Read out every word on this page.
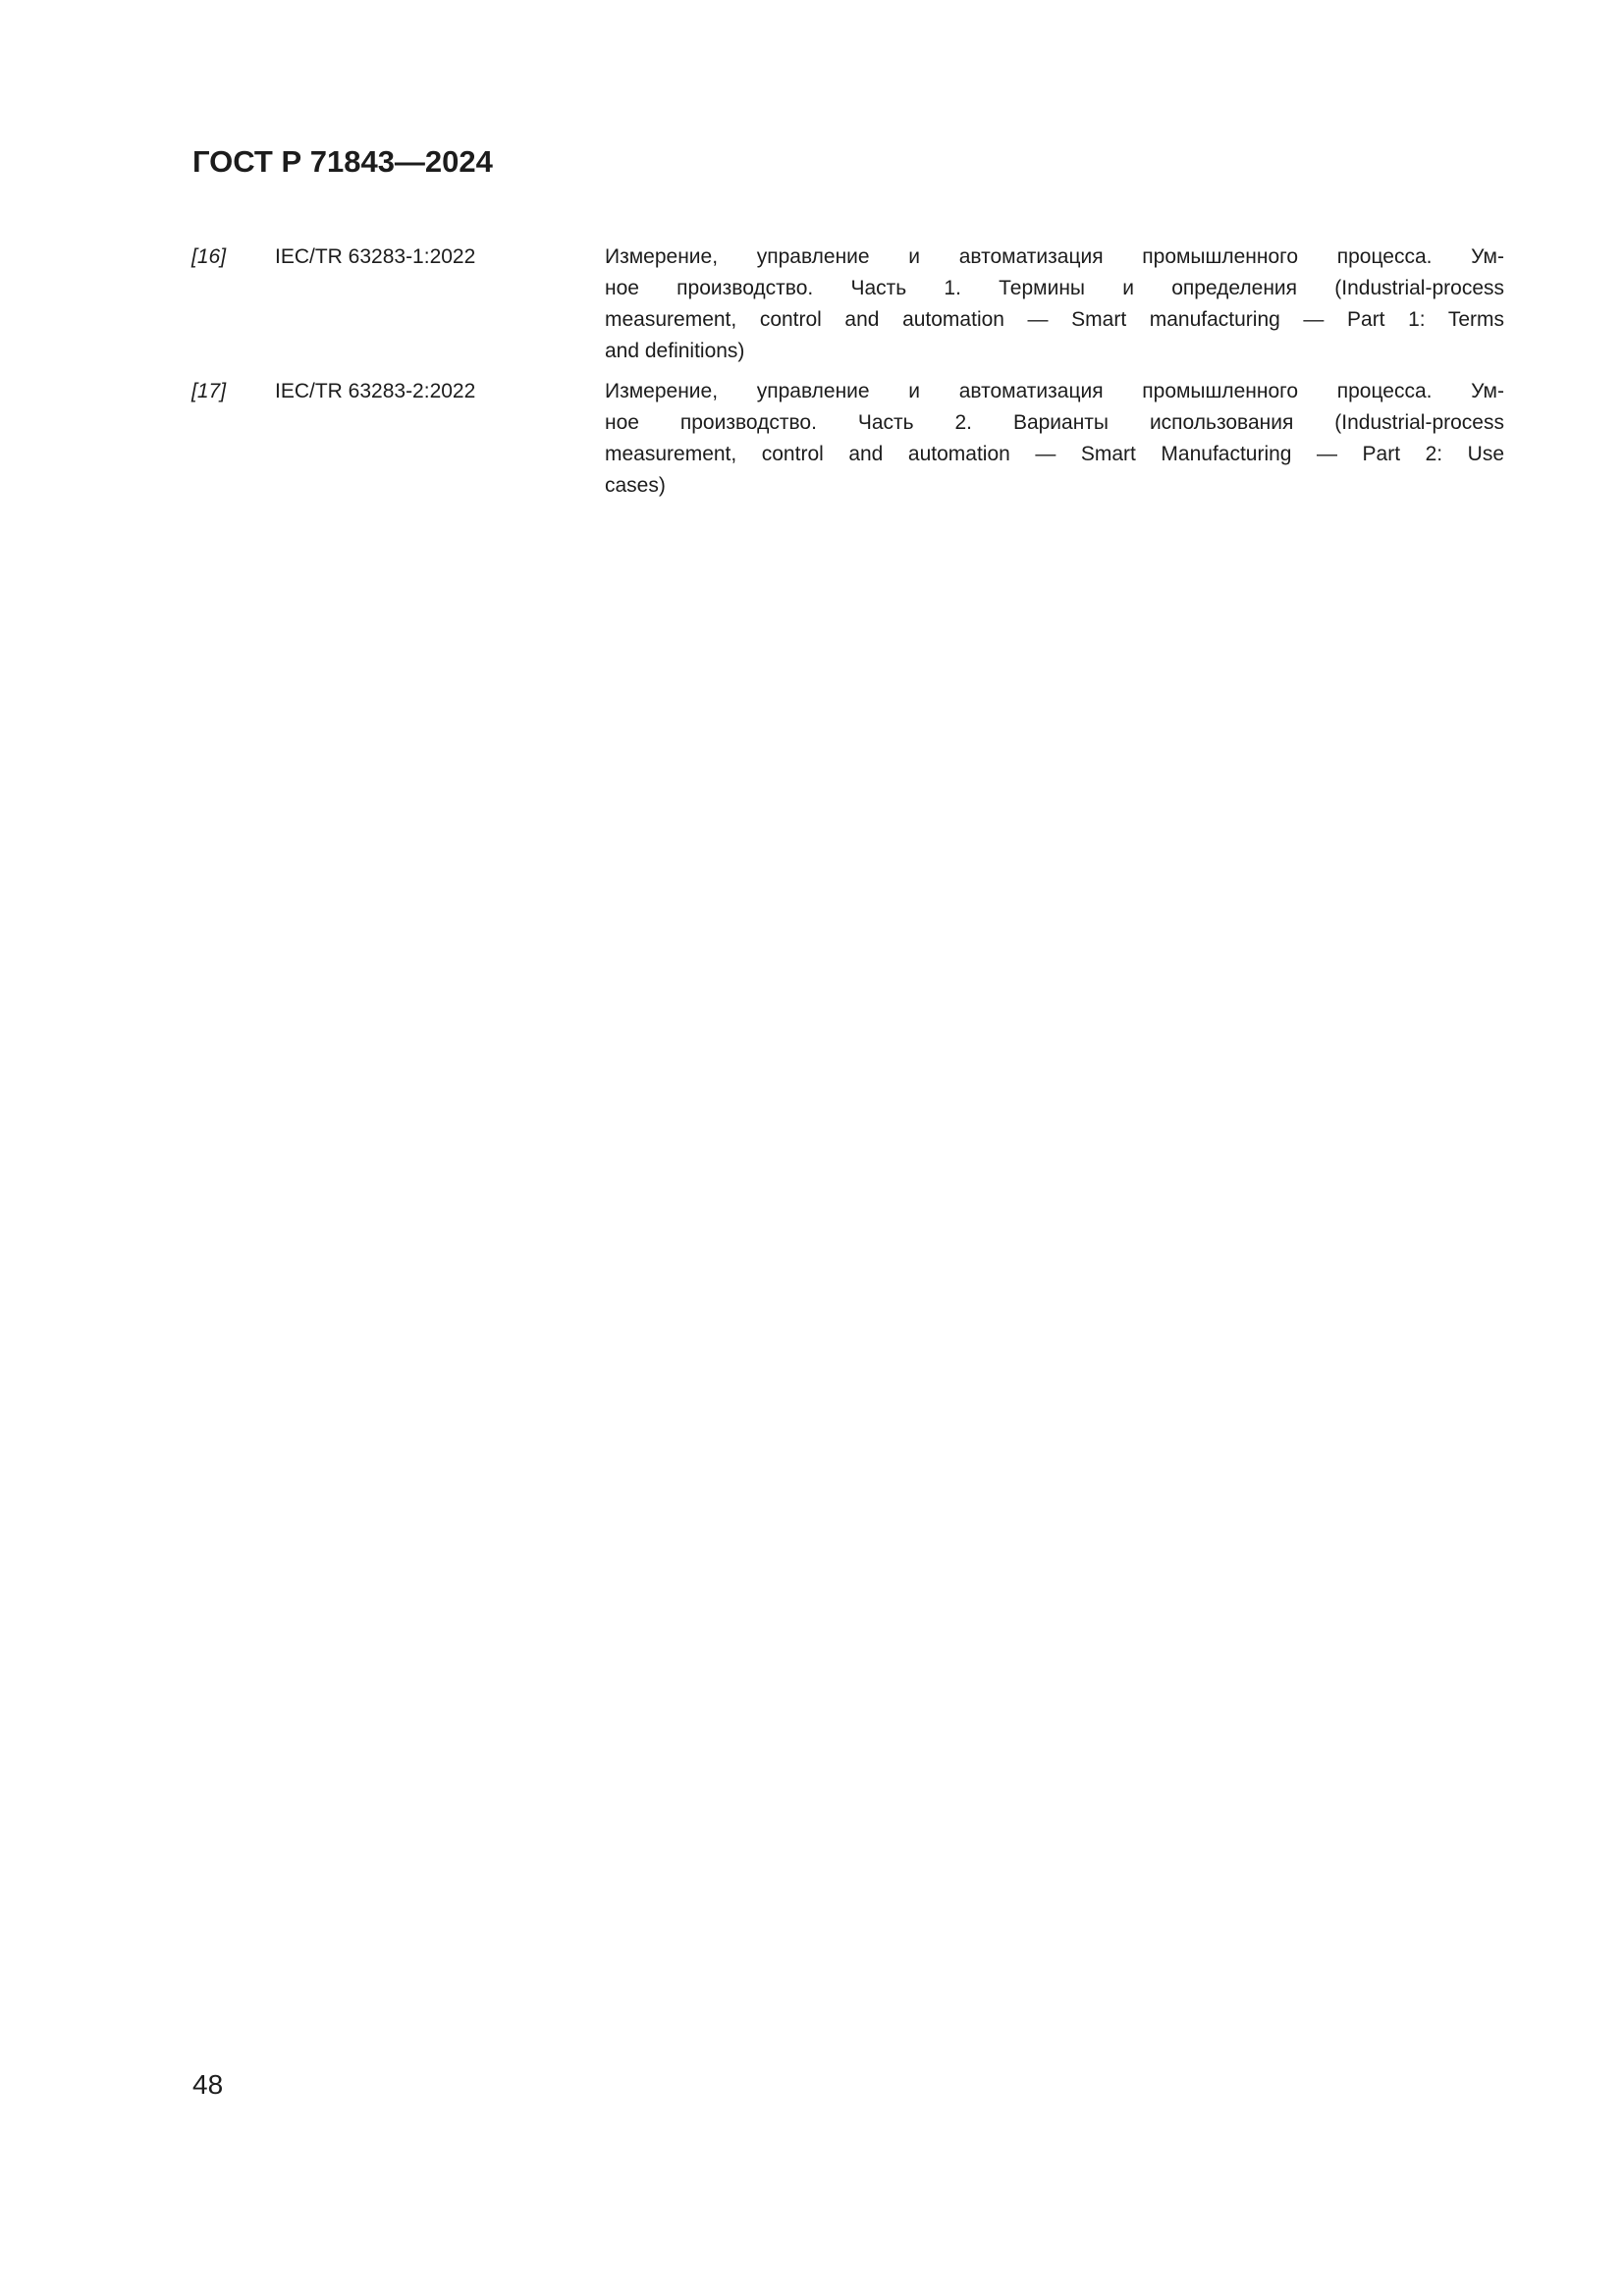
ГОСТ Р 71843—2024
[16]	IEC/TR 63283-1:2022	Измерение, управление и автоматизация промышленного процесса. Ум-
ное производство. Часть 1. Термины и определения (Industrial-process
measurement, control and automation — Smart manufacturing — Part 1: Terms
and definitions)
[17]	IEC/TR 63283-2:2022	Измерение, управление и автоматизация промышленного процесса. Ум-
ное производство. Часть 2. Варианты использования (Industrial-process
measurement, control and automation — Smart Manufacturing — Part 2: Use
cases)
48
